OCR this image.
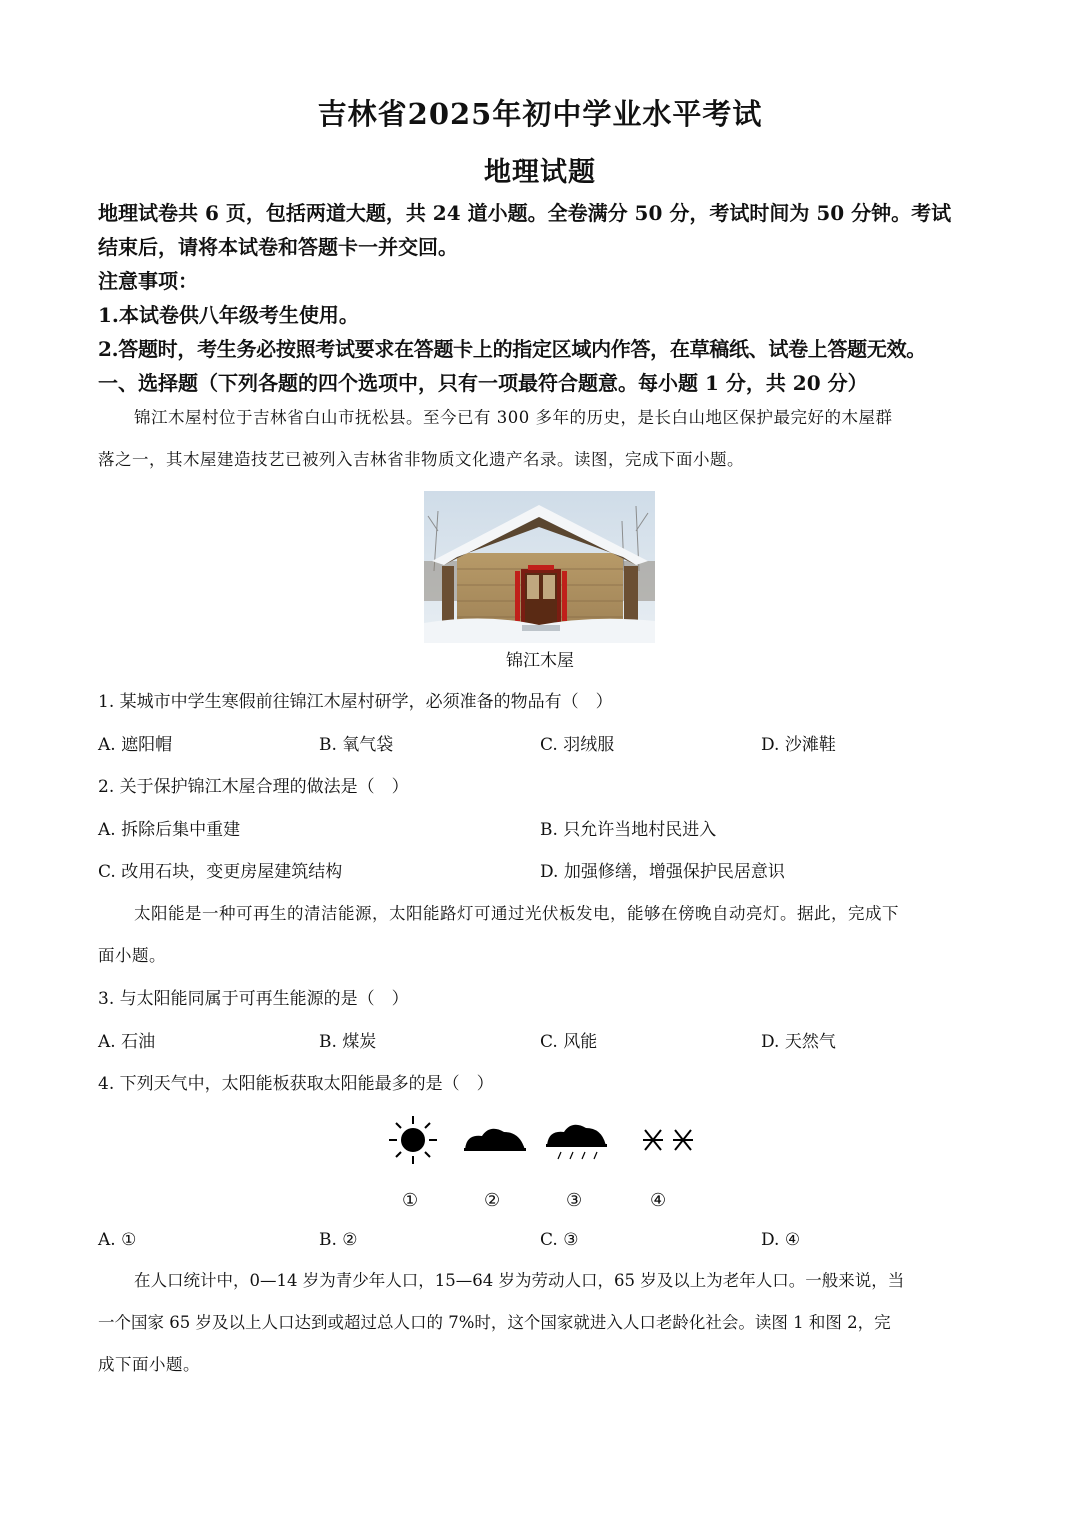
吉林省2025年初中学业水平考试
地理试题
地理试卷共 6 页，包括两道大题，共 24 道小题。全卷满分 50 分，考试时间为 50 分钟。考试
结束后，请将本试卷和答题卡一并交回。
注意事项：
1.本试卷供八年级考生使用。
2.答题时，考生务必按照考试要求在答题卡上的指定区域内作答，在草稿纸、试卷上答题无效。
一、选择题（下列各题的四个选项中，只有一项最符合题意。每小题 1 分，共 20 分）
锦江木屋村位于吉林省白山市抚松县。至今已有 300 多年的历史，是长白山地区保护最完好的木屋群
落之一，其木屋建造技艺已被列入吉林省非物质文化遗产名录。读图，完成下面小题。
锦江木屋
1. 某城市中学生寒假前往锦江木屋村研学，必须准备的物品有（　）
A. 遮阳帽	B. 氧气袋	C. 羽绒服	D. 沙滩鞋
2. 关于保护锦江木屋合理的做法是（　）
A. 拆除后集中重建	B. 只允许当地村民进入
C. 改用石块，变更房屋建筑结构	D. 加强修缮，增强保护民居意识
太阳能是一种可再生的清洁能源，太阳能路灯可通过光伏板发电，能够在傍晚自动亮灯。据此，完成下
面小题。
3. 与太阳能同属于可再生能源的是（　）
A. 石油	B. 煤炭	C. 风能	D. 天然气
4. 下列天气中，太阳能板获取太阳能最多的是（　）
①	②	③	④
A. ①	B. ②	C. ③	D. ④
在人口统计中，0—14 岁为青少年人口，15—64 岁为劳动人口，65 岁及以上为老年人口。一般来说，当
一个国家 65 岁及以上人口达到或超过总人口的 7%时，这个国家就进入人口老龄化社会。读图 1 和图 2，完
成下面小题。
